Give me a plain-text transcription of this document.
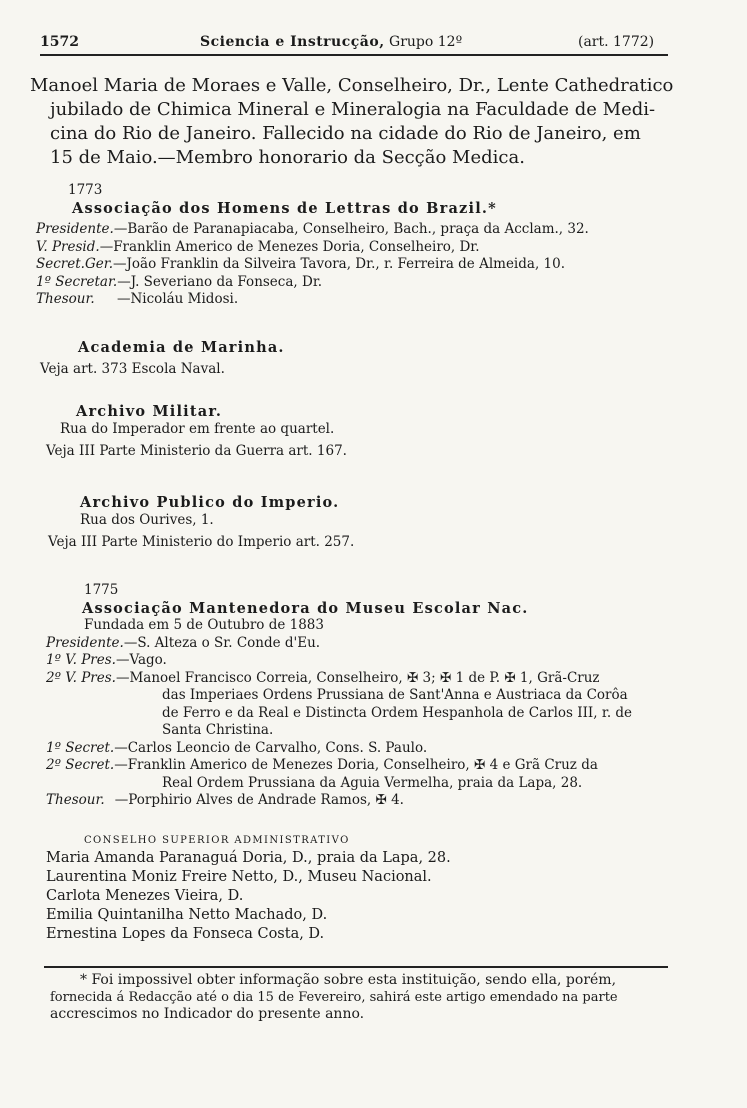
1572	Sciencia e Instrucção, Grupo 12º	(art. 1772)
Manoel Maria de Moraes e Valle, Conselheiro, Dr., Lente Cathedratico
jubilado de Chimica Mineral e Mineralogia na Faculdade de Medi-
cina do Rio de Janeiro. Fallecido na cidade do Rio de Janeiro, em
15 de Maio.—Membro honorario da Secção Medica.
1773
Associação dos Homens de Lettras do Brazil.*
Presidente.—Barão de Paranapiacaba, Conselheiro, Bach., praça da Acclam., 32.
V. Presid.—Franklin Americo de Menezes Doria, Conselheiro, Dr.
Secret.Ger.—João Franklin da Silveira Tavora, Dr., r. Ferreira de Almeida, 10.
1º Secretar.—J. Severiano da Fonseca, Dr.
Thesour. —Nicoláu Midosi.
Academia de Marinha.
Veja art. 373 Escola Naval.
Archivo Militar.
Rua do Imperador em frente ao quartel.
Veja III Parte Ministerio da Guerra art. 167.
Archivo Publico do Imperio.
Rua dos Ourives, 1.
Veja III Parte Ministerio do Imperio art. 257.
1775
Associação Mantenedora do Museu Escolar Nac.
Fundada em 5 de Outubro de 1883
Presidente.—S. Alteza o Sr. Conde d'Eu.
1º V. Pres.—Vago.
2º V. Pres.—Manoel Francisco Correia, Conselheiro, ✠ 3; ✠ 1 de P. ✠ 1, Grã-Cruz
das Imperiaes Ordens Prussiana de Sant'Anna e Austriaca da Corôa
de Ferro e da Real e Distincta Ordem Hespanhola de Carlos III, r. de
Santa Christina.
1º Secret.—Carlos Leoncio de Carvalho, Cons. S. Paulo.
2º Secret.—Franklin Americo de Menezes Doria, Conselheiro, ✠ 4 e Grã Cruz da
Real Ordem Prussiana da Aguia Vermelha, praia da Lapa, 28.
Thesour. —Porphirio Alves de Andrade Ramos, ✠ 4.
CONSELHO SUPERIOR ADMINISTRATIVO
Maria Amanda Paranaguá Doria, D., praia da Lapa, 28.
Laurentina Moniz Freire Netto, D., Museu Nacional.
Carlota Menezes Vieira, D.
Emilia Quintanilha Netto Machado, D.
Ernestina Lopes da Fonseca Costa, D.
* Foi impossivel obter informação sobre esta instituição, sendo ella, porém,
fornecida á Redacção até o dia 15 de Fevereiro, sahirá este artigo emendado na parte
accrescimos no Indicador do presente anno.
